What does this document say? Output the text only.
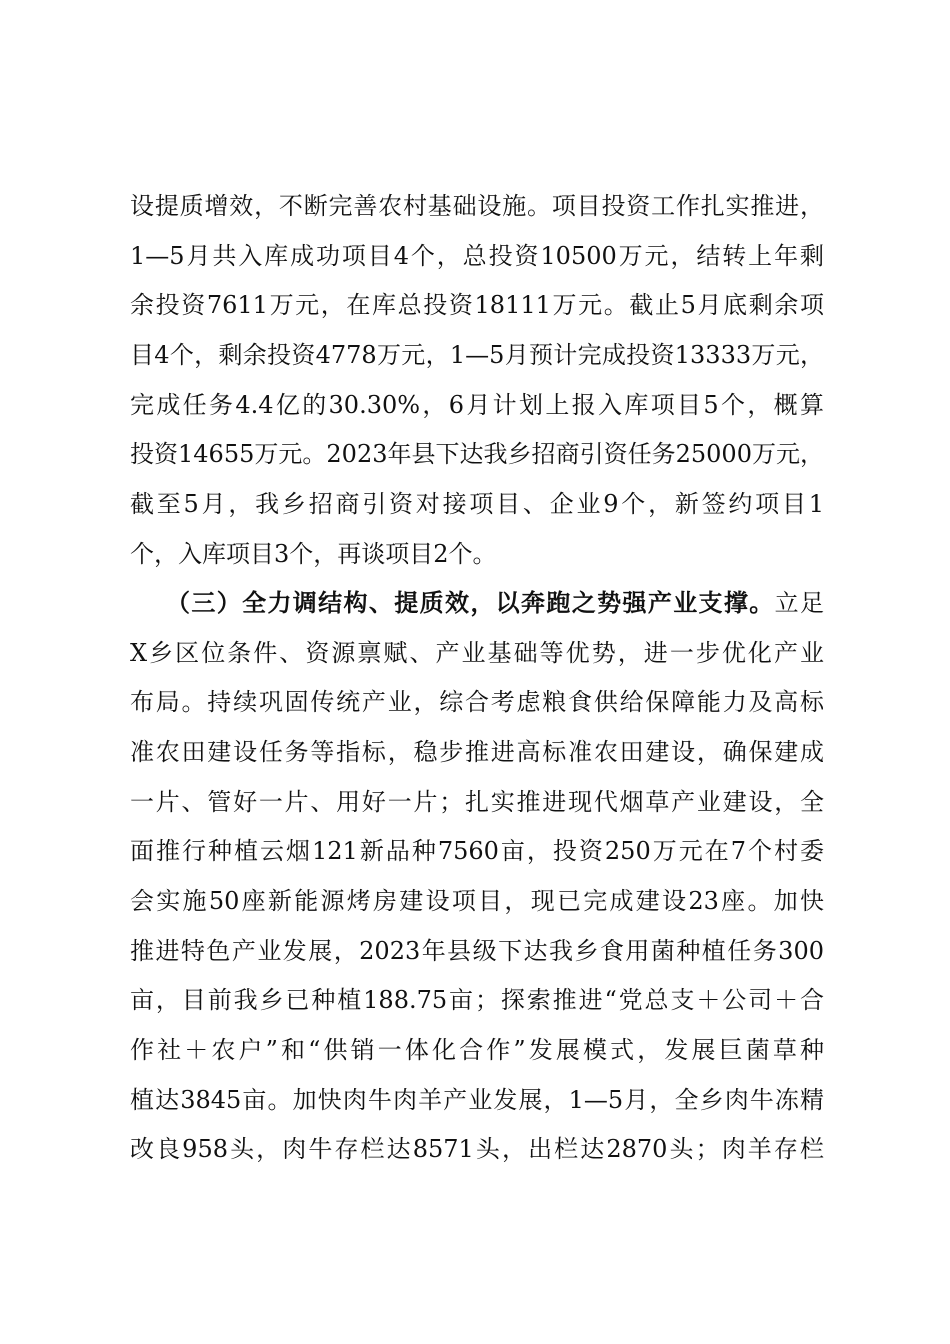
设提质增效，不断完善农村基础设施。项目投资工作扎实推进，
1—5月共入库成功项目4个，总投资10500万元，结转上年剩
余投资7611万元，在库总投资18111万元。截止5月底剩余项
目4个，剩余投资4778万元，1—5月预计完成投资13333万元，
完成任务4.4亿的30.30%，6月计划上报入库项目5个，概算
投资14655万元。2023年县下达我乡招商引资任务25000万元，
截至5月，我乡招商引资对接项目、企业9个，新签约项目1
个，入库项目3个，再谈项目2个。
（三）全力调结构、提质效，以奔跑之势强产业支撑。立足
X乡区位条件、资源禀赋、产业基础等优势，进一步优化产业
布局。持续巩固传统产业，综合考虑粮食供给保障能力及高标
准农田建设任务等指标，稳步推进高标准农田建设，确保建成
一片、管好一片、用好一片；扎实推进现代烟草产业建设，全
面推行种植云烟121新品种7560亩，投资250万元在7个村委
会实施50座新能源烤房建设项目，现已完成建设23座。加快
推进特色产业发展，2023年县级下达我乡食用菌种植任务300
亩，目前我乡已种植188.75亩；探索推进“党总支＋公司＋合
作社＋农户”和“供销一体化合作”发展模式，发展巨菌草种
植达3845亩。加快肉牛肉羊产业发展，1—5月，全乡肉牛冻精
改良958头，肉牛存栏达8571头，出栏达2870头；肉羊存栏
